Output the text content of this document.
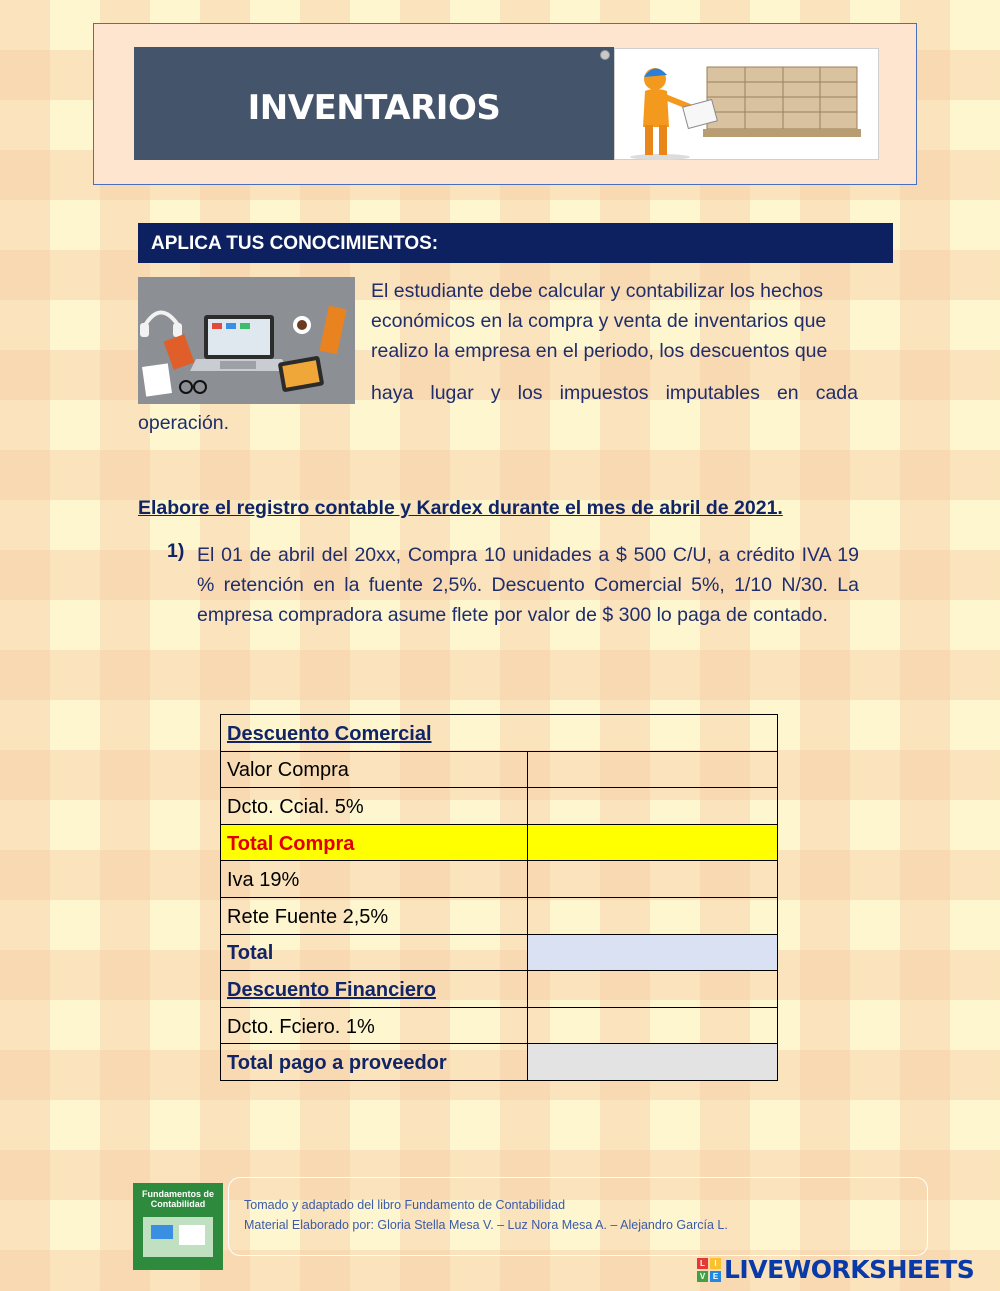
INVENTARIOS
APLICA TUS CONOCIMIENTOS:
El estudiante debe calcular y contabilizar los hechos
económicos en la compra y venta de inventarios que
realizo la empresa en el periodo, los descuentos que
haya lugar y los impuestos imputables en cada
operación.
Elabore el registro contable y Kardex durante el mes de abril de 2021.
1) El 01 de abril del 20xx, Compra 10 unidades a $ 500 C/U, a crédito IVA 19 % retención en la fuente 2,5%. Descuento Comercial 5%, 1/10 N/30. La empresa compradora asume flete por valor de $ 300 lo paga de contado.
Descuento Comercial	
Valor Compra	
Dcto. Ccial. 5%	
Total Compra	
Iva 19%	
Rete Fuente 2,5%	
Total	
Descuento Financiero	
Dcto. Fciero. 1%	
Total pago a proveedor	
Fundamentos de
Contabilidad	Tomado y adaptado del libro Fundamento de Contabilidad
Material Elaborado por: Gloria Stella Mesa V. – Luz Nora Mesa A. – Alejandro García L.
L	I
V E LIVEWORKSHEETS
